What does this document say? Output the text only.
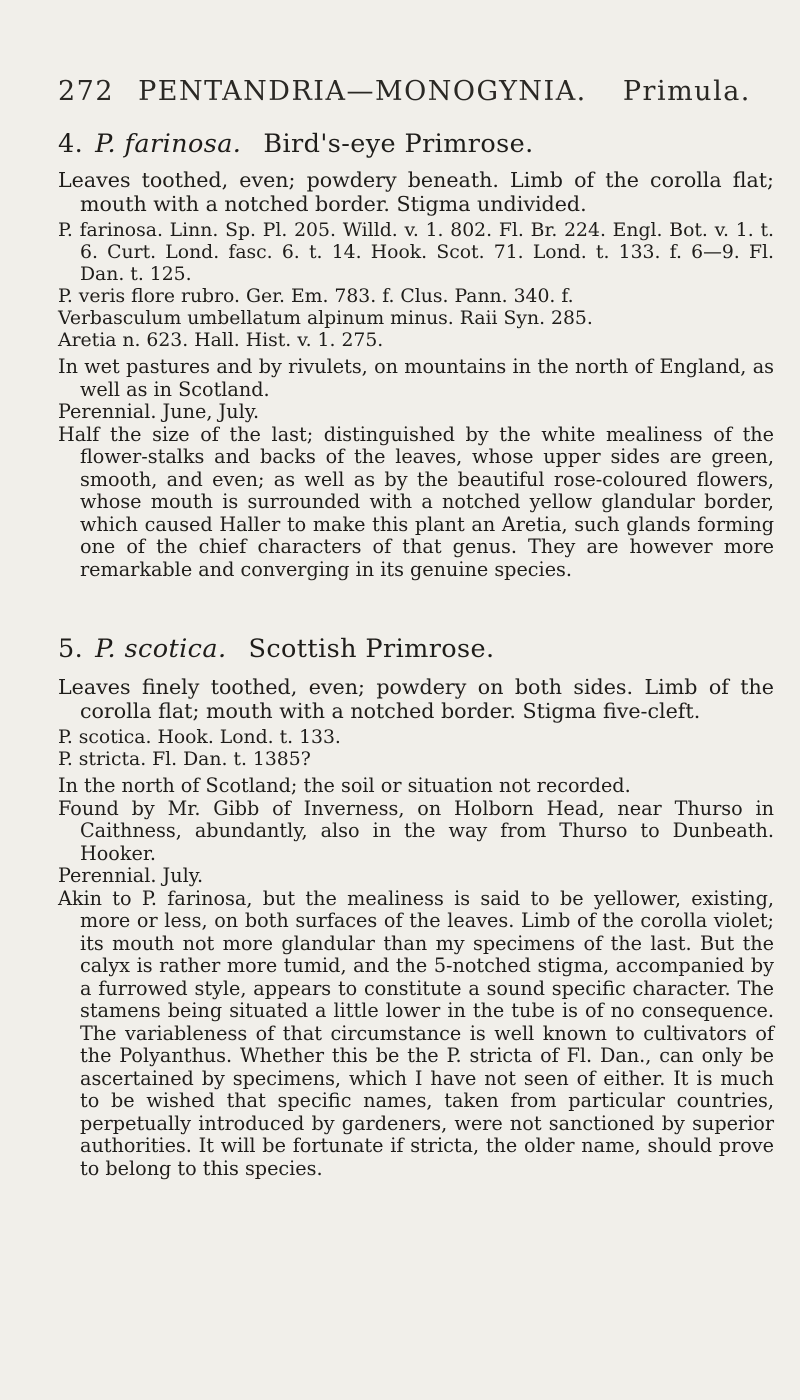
272 PENTANDRIA—MONOGYNIA. Primula.
4. P. farinosa. Bird's-eye Primrose.

Leaves toothed, even; powdery beneath. Limb of the corolla flat; mouth with a notched border. Stigma undivided.

P. farinosa. Linn. Sp. Pl. 205. Willd. v. 1. 802. Fl. Br. 224. Engl. Bot. v. 1. t. 6. Curt. Lond. fasc. 6. t. 14. Hook. Scot. 71. Lond. t. 133. f. 6—9. Fl. Dan. t. 125.

P. veris flore rubro. Ger. Em. 783. f. Clus. Pann. 340. f.

Verbasculum umbellatum alpinum minus. Raii Syn. 285.

Aretia n. 623. Hall. Hist. v. 1. 275.

In wet pastures and by rivulets, on mountains in the north of England, as well as in Scotland.

Perennial. June, July.

Half the size of the last; distinguished by the white mealiness of the flower-stalks and backs of the leaves, whose upper sides are green, smooth, and even; as well as by the beautiful rose-coloured flowers, whose mouth is surrounded with a notched yellow glandular border, which caused Haller to make this plant an Aretia, such glands forming one of the chief characters of that genus. They are however more remarkable and converging in its genuine species.

5. P. scotica. Scottish Primrose.

Leaves finely toothed, even; powdery on both sides. Limb of the corolla flat; mouth with a notched border. Stigma five-cleft.

P. scotica. Hook. Lond. t. 133.

P. stricta. Fl. Dan. t. 1385?

In the north of Scotland; the soil or situation not recorded.

Found by Mr. Gibb of Inverness, on Holborn Head, near Thurso in Caithness, abundantly, also in the way from Thurso to Dunbeath. Hooker.

Perennial. July.

Akin to P. farinosa, but the mealiness is said to be yellower, existing, more or less, on both surfaces of the leaves. Limb of the corolla violet; its mouth not more glandular than my specimens of the last. But the calyx is rather more tumid, and the 5-notched stigma, accompanied by a furrowed style, appears to constitute a sound specific character. The stamens being situated a little lower in the tube is of no consequence. The variableness of that circumstance is well known to cultivators of the Polyanthus. Whether this be the P. stricta of Fl. Dan., can only be ascertained by specimens, which I have not seen of either. It is much to be wished that specific names, taken from particular countries, perpetually introduced by gardeners, were not sanctioned by superior authorities. It will be fortunate if stricta, the older name, should prove to belong to this species.
